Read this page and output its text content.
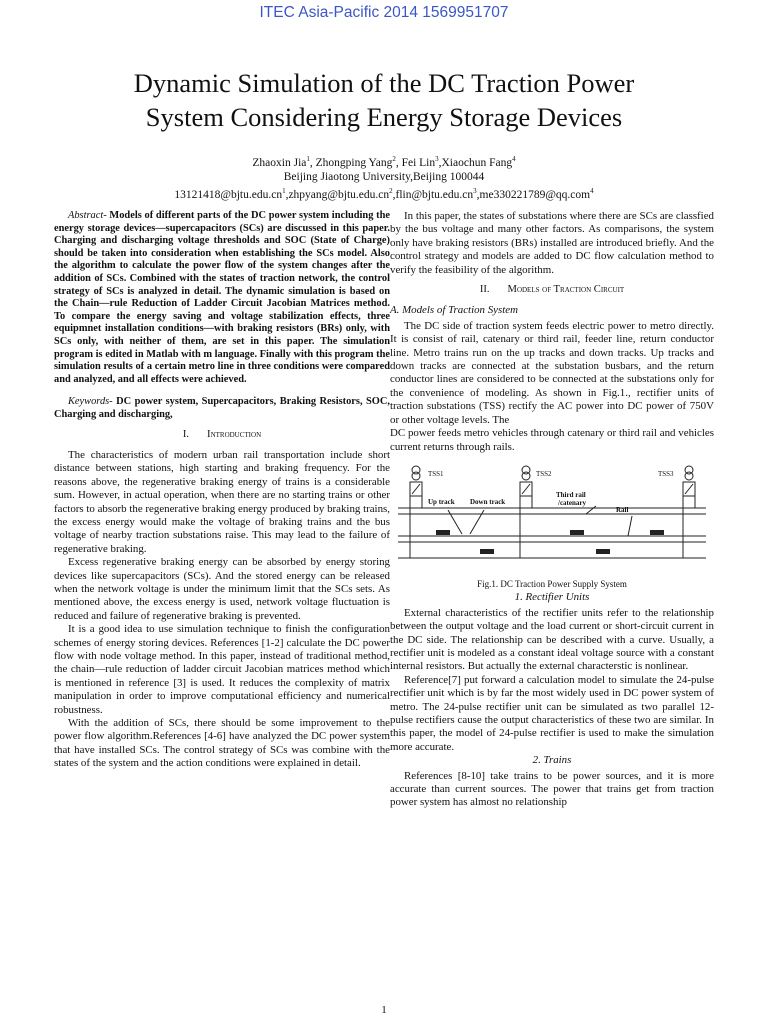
ITEC Asia-Pacific 2014 1569951707
Dynamic Simulation of the DC Traction Power
System Considering Energy Storage Devices
Zhaoxin Jia$^1$, Zhongping Yang$^2$, Fei Lin$^3$,Xiaochun Fang$^4$
Beijing Jiaotong University,Beijing 100044
$13121418@bjtu.edu.cn^1,zhpyang@bjtu.edu.cn^2,flin@bjtu.edu.cn^3,me330221789@qq.com^4$

Abstract- Models of different parts of the DC power system including the energy storage devices—supercapacitors (SCs) are discussed in this paper. Charging and discharging voltage thresholds and SOC (State of Charge) should be taken into consideration when establishing the SCs model. Also the algorithm to calculate the power flow of the system changes after the addition of SCs. Combined with the states of traction network, the control strategy of SCs is analyzed in detail. The dynamic simulation is based on the Chain—rule Reduction of Ladder Circuit Jacobian Matrices method. To compare the energy saving and voltage stabilization effects, three equipmnet installation conditions—with braking resistors (BRs) only, with SCs only, with neither of them, are set in this paper. The simulation program is edited in Matlab with m language. Finally with this program the simulation results of a certain metro line in three conditions were compared and analyzed, and all effects were achieved.

Keywords- DC power system, Supercapacitors, Braking Resistors, SOC, Charging and discharging,

I. Introduction

The characteristics of modern urban rail transportation include short distance between stations, high starting and braking frequency. For the reasons above, the regenerative braking energy of trains is a considerable sum. However, in actual operation, when there are no starting trains or other factors to absorb the regenerative braking energy produced by braking trains, the excess energy would make the voltage of braking trains and the bus voltage of nearby traction substations raise. This may lead to the failure of regenerative braking.

Excess regenerative braking energy can be absorbed by energy storing devices like supercapacitors (SCs). And the stored energy can be released when the network voltage is under the minimum limit that the SCs sets. As mentioned above, the excess energy is used, network voltage fluctuation is reduced and failure of regenerative braking is prevented.

It is a good idea to use simulation technique to finish the configuration schemes of energy storing devices. References [1-2] calculate the DC power flow with node voltage method. In this paper, instead of traditional method, the chain—rule reduction of ladder circuit Jacobian matrices method which is mentioned in reference [3] is used. It reduces the complexity of matrix manipulation in order to improve computational efficiency and numerical robustness.

With the addition of SCs, there should be some improvement to the power flow algorithm.References [4-6] have analyzed the DC power system that have installed SCs. The control strategy of SCs was combine with the states of the system and the action conditions were explained in detail.

In this paper, the states of substations where there are SCs are classfied by the bus voltage and many other factors. As comparisons, the system only have braking resistors (BRs) installed are introduced briefly. And the control strategy and models are added to DC flow calculation method to verify the feasibility of the algorithm.

II. Models of Traction Circuit

A. Models of Traction System

The DC side of traction system feeds electric power to metro directly. It is consist of rail, catenary or third rail, feeder line, return conductor line. Metro trains run on the up tracks and down tracks. Up tracks and down tracks are connected at the substation busbars, and the return conductor lines are considered to be connected at the substations only for the convenience of modeling. As shown in Fig.1., rectifier units of traction substations (TSS) rectify the AC power into DC power of 750V or other voltage levels. The

DC power feeds metro vehicles through catenary or third rail and vehicles current returns through rails.

TSS1	TSS2	TSS3
Up track Down track
Third rail
/catenary
Rail

Fig.1. DC Traction Power Supply System

1. Rectifier Units

External characteristics of the rectifier units refer to the relationship between the output voltage and the load current or short-circuit current in the DC side. The relationship can be described with a curve. Usually, a rectifier unit is modeled as a constant ideal voltage source with a constant internal resistors. But actually the external characterstic is nonlinear.

Reference[7] put forward a calculation model to simulate the 24-pulse rectifier unit which is by far the most widely used in DC power system of metro. The 24-pulse rectifier unit can be simulated as two parallel 12-pulse rectifiers cause the output characteristics of these two are similar. In this paper, the model of 24-pulse rectifier is used to make the simulation more accurate.

2. Trains

References [8-10] take trains to be power sources, and it is more accurate than current sources. The power that trains get from traction power system has almost no relationship

1
